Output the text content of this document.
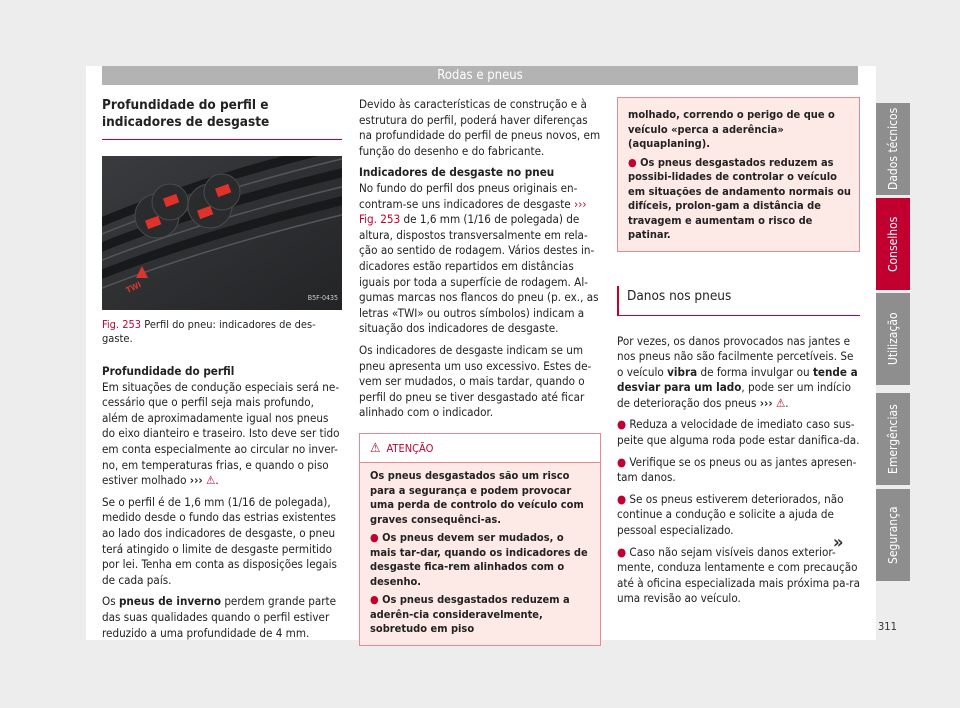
Rodas e pneus
Profundidade do perfil e indicadores de desgaste
TWI
B5F-0435
Fig. 253 Perfil do pneu: indicadores de des-gaste.

Profundidade do perfil

Em situações de condução especiais será ne-cessário que o perfil seja mais profundo, além de aproximadamente igual nos pneus do eixo dianteiro e traseiro. Isto deve ser tido em conta especialmente ao circular no inver-no, em temperaturas frias, e quando o piso estiver molhado ››› ⚠.

Se o perfil é de 1,6 mm (1/16 de polegada), medido desde o fundo das estrias existentes ao lado dos indicadores de desgaste, o pneu terá atingido o limite de desgaste permitido por lei. Tenha em conta as disposições legais de cada país.

Os pneus de inverno perdem grande parte das suas qualidades quando o perfil estiver reduzido a uma profundidade de 4 mm.

Devido às características de construção e à estrutura do perfil, poderá haver diferenças na profundidade do perfil de pneus novos, em função do desenho e do fabricante.

Indicadores de desgaste no pneu

No fundo do perfil dos pneus originais en-contram-se uns indicadores de desgaste ››› Fig. 253 de 1,6 mm (1/16 de polegada) de altura, dispostos transversalmente em rela-ção ao sentido de rodagem. Vários destes in-dicadores estão repartidos em distâncias iguais por toda a superfície de rodagem. Al-gumas marcas nos flancos do pneu (p. ex., as letras «TWI» ou outros símbolos) indicam a situação dos indicadores de desgaste.

Os indicadores de desgaste indicam se um pneu apresenta um uso excessivo. Estes de-vem ser mudados, o mais tardar, quando o perfil do pneu se tiver desgastado até ficar alinhado com o indicador.

⚠ ATENÇÃO

Os pneus desgastados são um risco para a segurança e podem provocar uma perda de controlo do veículo com graves consequênci-as.

● Os pneus devem ser mudados, o mais tar-dar, quando os indicadores de desgaste fica-rem alinhados com o desenho.

● Os pneus desgastados reduzem a aderên-cia consideravelmente, sobretudo em piso

molhado, correndo o perigo de que o veículo «perca a aderência» (aquaplaning).

● Os pneus desgastados reduzem as possibi-lidades de controlar o veículo em situações de andamento normais ou difíceis, prolon-gam a distância de travagem e aumentam o risco de patinar.

Danos nos pneus

Por vezes, os danos provocados nas jantes e nos pneus não são facilmente percetíveis. Se o veículo vibra de forma invulgar ou tende a desviar para um lado, pode ser um indício de deterioração dos pneus ››› ⚠.

● Reduza a velocidade de imediato caso sus-peite que alguma roda pode estar danifica-da.

● Verifique se os pneus ou as jantes apresen-tam danos.

● Se os pneus estiverem deteriorados, não continue a condução e solicite a ajuda de pessoal especializado.

● Caso não sejam visíveis danos exterior-mente, conduza lentamente e com precaução até à oficina especializada mais próxima pa-ra uma revisão ao veículo.

»
Dados técnicos
Conselhos
Utilização
Emergências
Segurança
311
